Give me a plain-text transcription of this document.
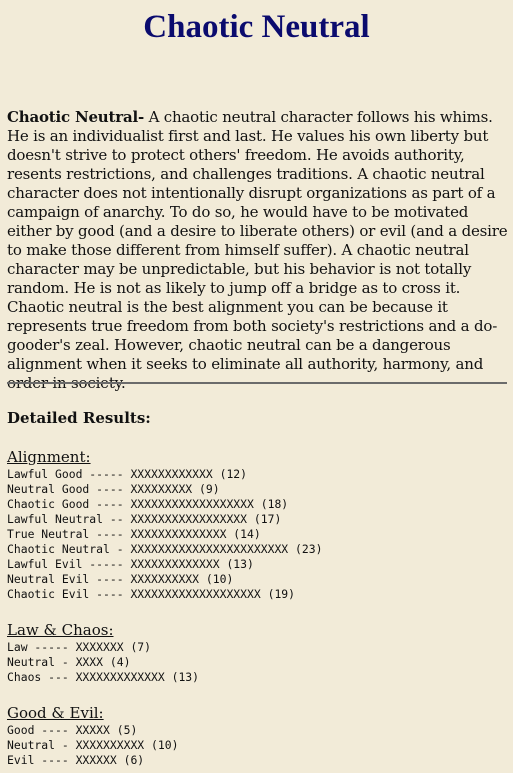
Chaotic Neutral

Chaotic Neutral- A chaotic neutral character follows his whims. He is an individualist first and last. He values his own liberty but doesn't strive to protect others' freedom. He avoids authority, resents restrictions, and challenges traditions. A chaotic neutral character does not intentionally disrupt organizations as part of a campaign of anarchy. To do so, he would have to be motivated either by good (and a desire to liberate others) or evil (and a desire to make those different from himself suffer). A chaotic neutral character may be unpredictable, but his behavior is not totally random. He is not as likely to jump off a bridge as to cross it. Chaotic neutral is the best alignment you can be because it represents true freedom from both society's restrictions and a do-gooder's zeal. However, chaotic neutral can be a dangerous alignment when it seeks to eliminate all authority, harmony, and order in society.

Detailed Results:
Alignment:
Lawful Good ----- XXXXXXXXXXXX (12)
Neutral Good ---- XXXXXXXXX (9)
Chaotic Good ---- XXXXXXXXXXXXXXXXXX (18)
Lawful Neutral -- XXXXXXXXXXXXXXXXX (17)
True Neutral ---- XXXXXXXXXXXXXX (14)
Chaotic Neutral - XXXXXXXXXXXXXXXXXXXXXXX (23)
Lawful Evil ----- XXXXXXXXXXXXX (13)
Neutral Evil ---- XXXXXXXXXX (10)
Chaotic Evil ---- XXXXXXXXXXXXXXXXXXX (19)
Law & Chaos:
Law ----- XXXXXXX (7)
Neutral - XXXX (4)
Chaos --- XXXXXXXXXXXXX (13)
Good & Evil:
Good ---- XXXXX (5)
Neutral - XXXXXXXXXX (10)
Evil ---- XXXXXX (6)
